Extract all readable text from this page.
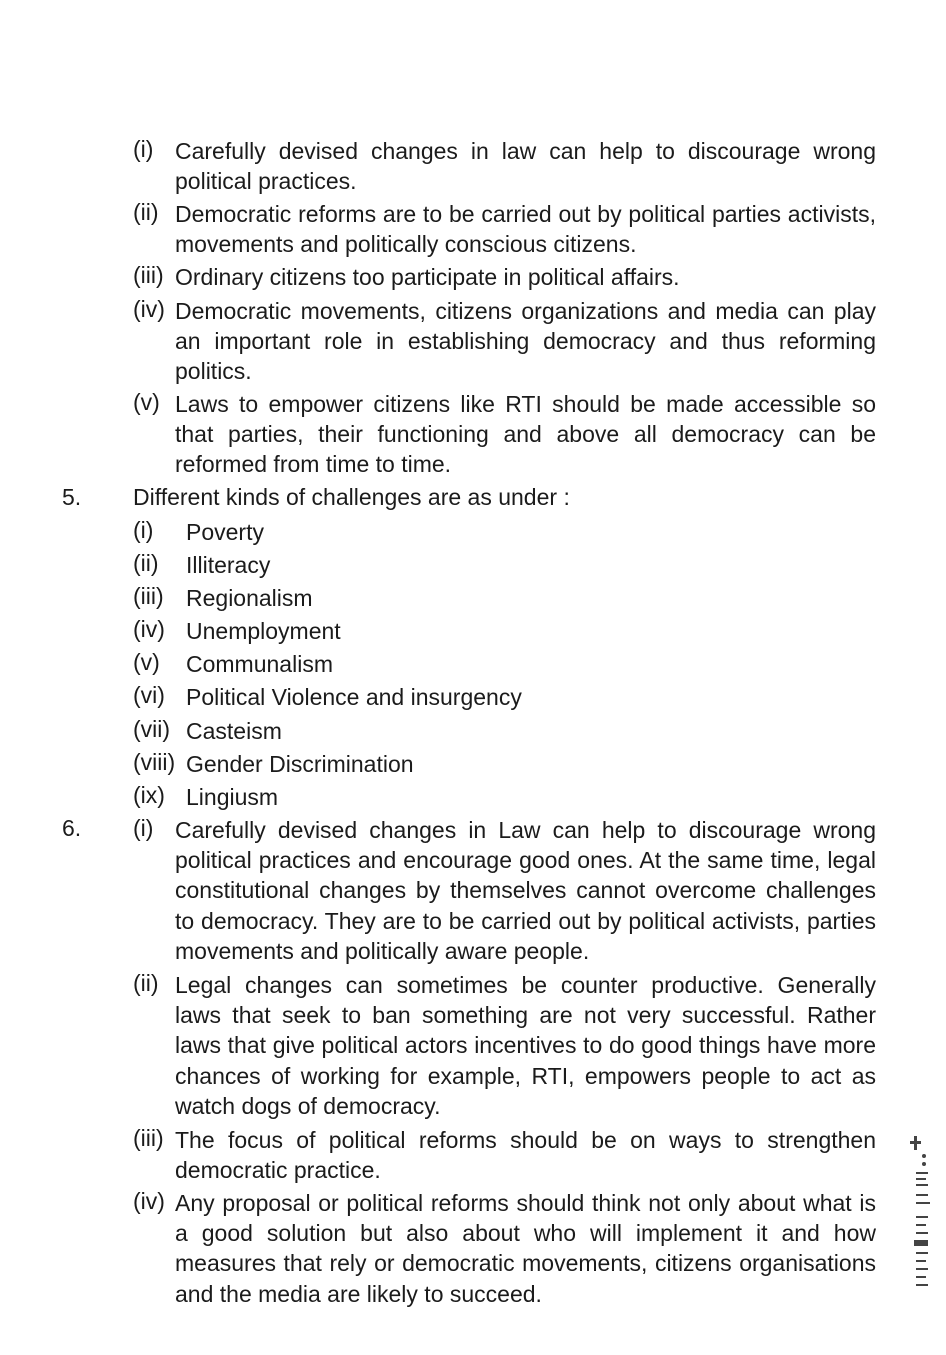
(i) Carefully devised changes in law can help to discourage wrong political practices.
(ii) Democratic reforms are to be carried out by political parties activists, movements and politically conscious citizens.
(iii) Ordinary citizens too participate in political affairs.
(iv) Democratic movements, citizens organizations and media can play an important role in establishing democracy and thus reforming politics.
(v) Laws to empower citizens like RTI should be made accessible so that parties, their functioning and above all democracy can be reformed from time to time.
5. Different kinds of challenges are as under :
(i) Poverty
(ii) Illiteracy
(iii) Regionalism
(iv) Unemployment
(v) Communalism
(vi) Political Violence and insurgency
(vii) Casteism
(viii) Gender Discrimination
(ix) Lingiusm
6. (i) Carefully devised changes in Law can help to discourage wrong political practices and encourage good ones. At the same time, legal constitutional changes by themselves cannot overcome challenges to democracy. They are to be carried out by political activists, parties movements and politically aware people.
(ii) Legal changes can sometimes be counter productive. Generally laws that seek to ban something are not very successful. Rather laws that give political actors incentives to do good things have more chances of working for example, RTI, empowers people to act as watch dogs of democracy.
(iii) The focus of political reforms should be on ways to strengthen democratic practice.
(iv) Any proposal or political reforms should think not only about what is a good solution but also about who will implement it and how measures that rely or democratic movements, citizens organisations and the media are likely to succeed.
